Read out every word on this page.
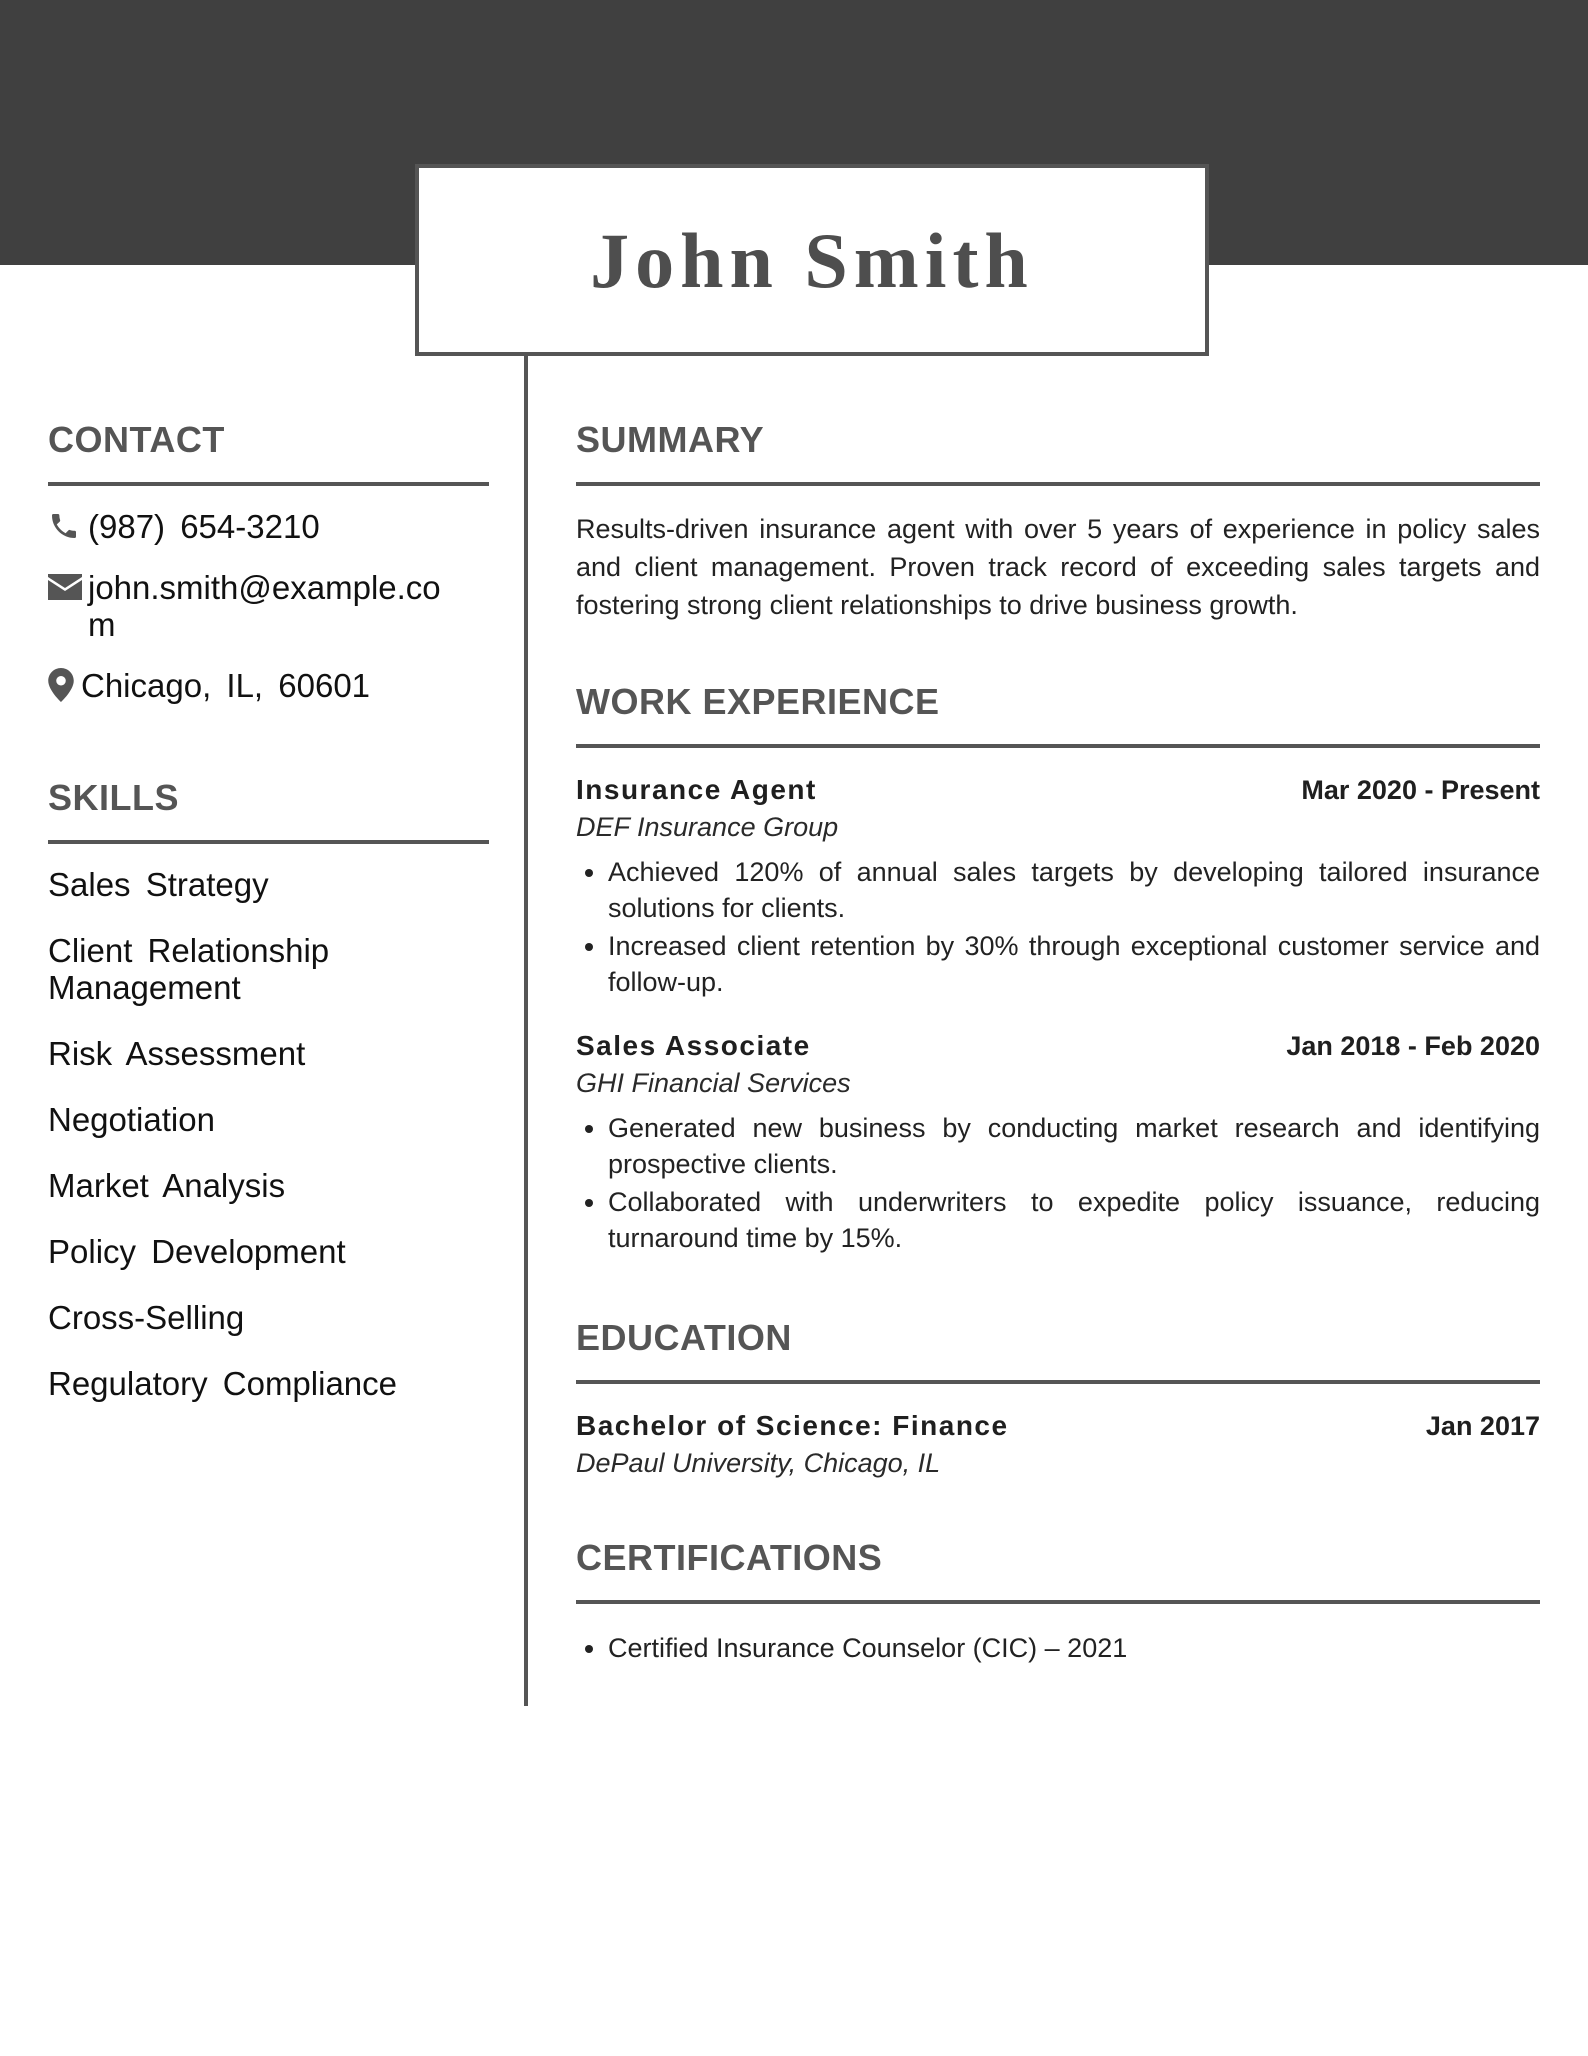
John Smith
CONTACT
(987) 654-3210
john.smith@example.com
Chicago, IL, 60601
SKILLS
Sales Strategy
Client Relationship Management
Risk Assessment
Negotiation
Market Analysis
Policy Development
Cross-Selling
Regulatory Compliance
SUMMARY
Results-driven insurance agent with over 5 years of experience in policy sales and client management. Proven track record of exceeding sales targets and fostering strong client relationships to drive business growth.
WORK EXPERIENCE
Insurance Agent	Mar 2020 - Present
DEF Insurance Group
• Achieved 120% of annual sales targets by developing tailored insurance solutions for clients.
• Increased client retention by 30% through exceptional customer service and follow-up.
Sales Associate	Jan 2018 - Feb 2020
GHI Financial Services
• Generated new business by conducting market research and identifying prospective clients.
• Collaborated with underwriters to expedite policy issuance, reducing turnaround time by 15%.
EDUCATION
Bachelor of Science: Finance	Jan 2017
DePaul University, Chicago, IL
CERTIFICATIONS
• Certified Insurance Counselor (CIC) – 2021
